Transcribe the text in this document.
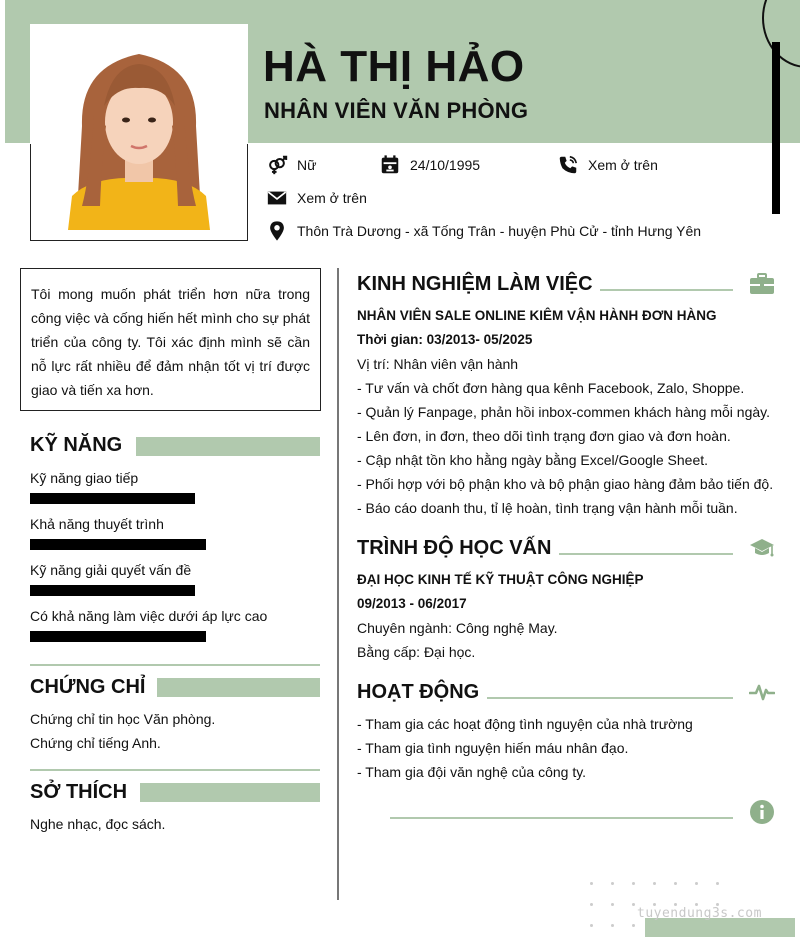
HÀ THỊ HẢO
NHÂN VIÊN VĂN PHÒNG
Nữ	24/10/1995	Xem ở trên
Xem ở trên
Thôn Trà Dương - xã Tống Trân - huyện Phù Cử - tỉnh Hưng Yên
Tôi mong muốn phát triển hơn nữa trong công việc và cống hiến hết mình cho sự phát triển của công ty. Tôi xác định mình sẽ cần nỗ lực rất nhiều để đảm nhận tốt vị trí được giao và tiến xa hơn.
KỸ NĂNG
Kỹ năng giao tiếp
Khả năng thuyết trình
Kỹ năng giải quyết vấn đề
Có khả năng làm việc dưới áp lực cao
CHỨNG CHỈ
Chứng chỉ tin học Văn phòng.
Chứng chỉ tiếng Anh.
SỞ THÍCH
Nghe nhạc, đọc sách.
KINH NGHIỆM LÀM VIỆC
NHÂN VIÊN SALE ONLINE KIÊM VẬN HÀNH ĐƠN HÀNG
Thời gian: 03/2013- 05/2025
Vị trí: Nhân viên vận hành
- Tư vấn và chốt đơn hàng qua kênh Facebook, Zalo, Shoppe.
- Quản lý Fanpage, phản hồi inbox-commen khách hàng mỗi ngày.
- Lên đơn, in đơn, theo dõi tình trạng đơn giao và đơn hoàn.
- Cập nhật tồn kho hằng ngày bằng Excel/Google Sheet.
- Phối hợp với bộ phận kho và bộ phận giao hàng đảm bảo tiến độ.
- Báo cáo doanh thu, tỉ lệ hoàn, tình trạng vận hành mỗi tuần.
TRÌNH ĐỘ HỌC VẤN
ĐẠI HỌC KINH TẾ KỸ THUẬT CÔNG NGHIỆP
09/2013 - 06/2017
Chuyên ngành: Công nghệ May.
Bằng cấp: Đại học.
HOẠT ĐỘNG
- Tham gia các hoạt động tình nguyện của nhà trường
- Tham gia tình nguyện hiến máu nhân đạo.
- Tham gia đội văn nghệ của công ty.
tuyendung3s.com
